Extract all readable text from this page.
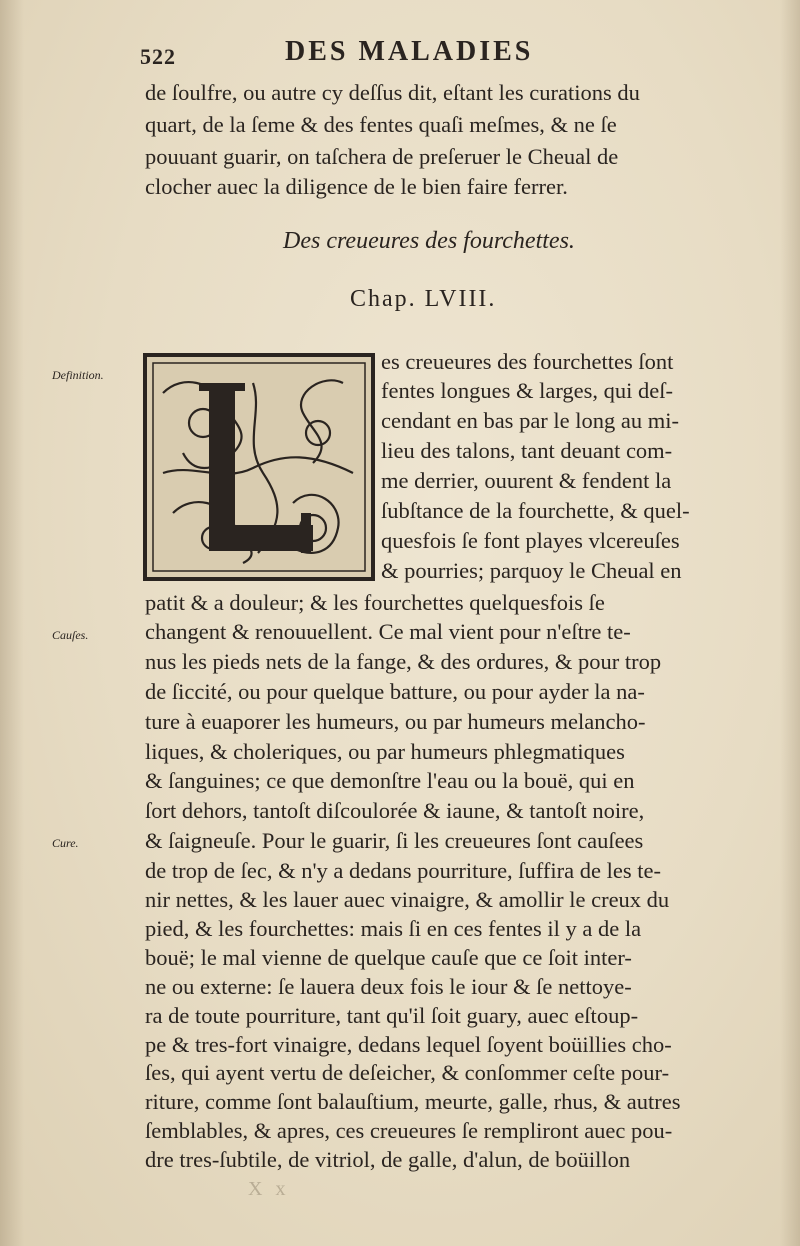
522	DES MALADIES
de ſoulfre, ou autre cy deſſus dit, eſtant les curations du
quart, de la ſeme & des fentes quaſi meſmes, & ne ſe
pouuant guarir, on taſchera de preſeruer le Cheual de
clocher auec la diligence de le bien faire ferrer.
Des creueures des fourchettes.
Chap. LVIII.
es creueures des fourchettes ſont
fentes longues & larges, qui deſ-
cendant en bas par le long au mi-
lieu des talons, tant deuant com-
me derrier, ouurent & fendent la
ſubſtance de la fourchette, & quel-
quesfois ſe font playes vlcereuſes
& pourries; parquoy le Cheual en
patit & a douleur; & les fourchettes quelquesfois ſe
changent & renouuellent. Ce mal vient pour n'eſtre te-
nus les pieds nets de la fange, & des ordures, & pour trop
de ſiccité, ou pour quelque batture, ou pour ayder la na-
ture à euaporer les humeurs, ou par humeurs melancho-
liques, & choleriques, ou par humeurs phlegmatiques
& ſanguines; ce que demonſtre l'eau ou la bouë, qui en
ſort dehors, tantoſt diſcoulorée & iaune, & tantoſt noire,
& ſaigneuſe. Pour le guarir, ſi les creueures ſont cauſees
de trop de ſec, & n'y a dedans pourriture, ſuffira de les te-
nir nettes, & les lauer auec vinaigre, & amollir le creux du
pied, & les fourchettes: mais ſi en ces fentes il y a de la
bouë; le mal vienne de quelque cauſe que ce ſoit inter-
ne ou externe: ſe lauera deux fois le iour & ſe nettoye-
ra de toute pourriture, tant qu'il ſoit guary, auec eſtoup-
pe & tres-fort vinaigre, dedans lequel ſoyent boüillies cho-
ſes, qui ayent vertu de deſeicher, & conſommer ceſte pour-
riture, comme ſont balauſtium, meurte, galle, rhus, & autres
ſemblables, & apres, ces creueures ſe rempliront auec pou-
dre tres-ſubtile, de vitriol, de galle, d'alun, de boüillon
Definition.
Cauſes.
Cure.
X x
